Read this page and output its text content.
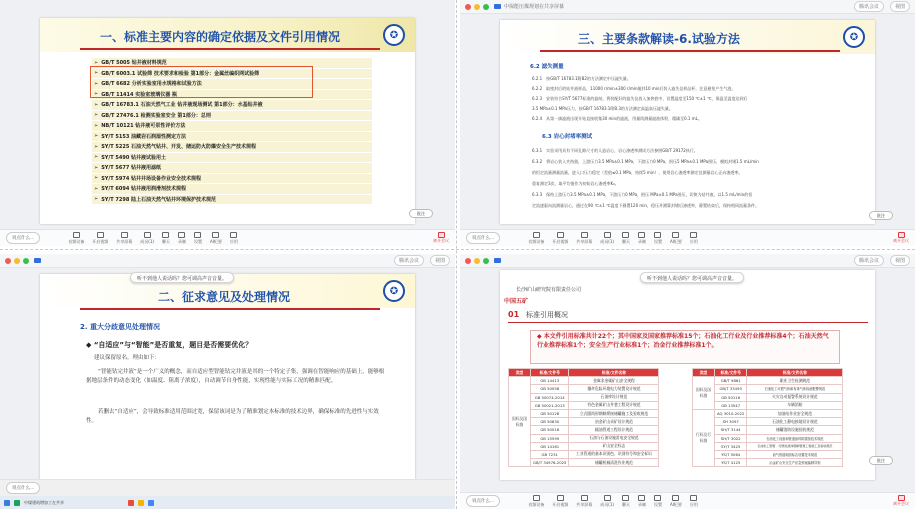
一、标准主要内容的确定依据及文件引用情况	✪
➢ GB/T 5005 钻井液材料规范
➢ GB/T 6003.1 试验筛 技术要求和检验 第1部分：金属丝编织网试验筛
➢ GB/T 6682 分析实验室用水规格和试验方法
➢ GB/T 11414 实验室玻璃仪器 瓶
➢ GB/T 16783.1 石油天然气工业 钻井液现场测试 第1部分：水基钻井液
➢ GB/T 27476.1 检测实验室安全 第1部分：总则
➢ NB/T 10121 钻井液可泵性评价方法
➢ SY/T 5153 油藏岩石润湿性测定方法
➢ SY/T 5225 石油天然气钻井、开发、储运防火防爆安全生产技术规程
➢ SY/T 5490 钻井液试验用土
➢ SY/T 5677 钻井液用滤纸
➢ SY/T 5974 钻井井场设备作业安全技术规程
➢ SY/T 6094 钻井液用润滑剂技术规程
➢ SY/T 7298 陆上石油天然气钻井环境保护技术规范
批注
说点什么...	音频设备 开启视频 共享屏幕 成员(1) 聊天 录制 设置 AI纪要 应用	离开会议
中保能压煤规划在共享屏幕	腾讯会议	视图
三、主要条款解读-6.试验方法	✪
6.2 滤失测量
6.2.1　按GB/T 16783.1附B2的方法测定中压滤失量。
6.2.2　取密封后的钻井液样品，11000 r/min±300 r/min搅拌10 min后装入滤失仪样品杯，注意避免产生气泡。
6.2.3　安装符合SY/T 5677标准的滤纸，将装配好的滤失仪放入加热套中，设置温度至150 ℃±1 ℃，保温至温度达到后
3.5 MPa±0.1 MPa压力，按GB/T 16783.1附B.3的方法测定高温高压滤失量。
6.2.4　从第一滴滤液出现开始直接收集30 min的滤液，用量筒测量滤液体积，精确至0.1 mL。
6.3 岩心封堵率测试
6.3.1　实验采用具有不同孔隙尺寸的人造岩心，岩心渗透率测试方法参照GB/T 29172执行。
6.3.2　将岩心装入夹持器，上游压力3.5 MPa±0.1 MPa，下游压力0 MPa，围压5 MPa±0.1 MPa围压，模拟封堵1.5 mL/min
的恒定流量测量流量，进入口压力稳定（差值≤0.1 MPa，持续5 min），使用岩心渗透率测定仪测量岩心正向渗透率。
重复测定3次，取平均值作为初始岩心渗透率K₀。
6.3.3　保持上游压力3.5 MPa±0.1 MPa，下游压力0 MPa，围压 MPa±0.1 MPa围压，切换为钻井液，以1.5 mL/min的恒
定流速驱向流测量岩心，通过在90 ℃±1 ℃温度下静置120 min，稳压并测算封堵后渗透率，静置结束后，保持相同流量条件。
批注
说点什么...	音频设备 开启视频 共享屏幕 成员(1) 聊天 录制 设置 AI纪要 应用	离开会议
腾讯会议	视图
听不到他人说话吗？您可调高声音音量。
二、征求意见及处理情况	✪
2. 重大分歧意见处理情况
◆ “自适应”与“智能”是否重复，题目是否需要优化？
建议保留原名。理由如下：
“智能钻完井液”是一个广义的概念，而自适应型智能钻完井液是其的一个特定子集，强调在智能响应的基础上，能够根据地层条件的动态变化（如温度、阻离子浓度），自动调节自身性能，实现性能与实际工况的精准匹配。
若删去“自适应”，会导致标准适用范围过宽，保留该词是为了精准划定本标准的技术边界，确保标准的先进性与实效性。
说点什么...
中煤建筑增加工在共享
腾讯会议	视图
听不到他人说话吗？您可调高声音音量。
长沙矿山研究院有限责任公司
中国五矿
01 标准引用概况
◆ 本文件引用标准共计22个；其中国家及国家推荐标准15个；石油化工行业及行业推荐标准4个；石油天然气行业推荐标准1个；安全生产行业标准1个；冶金行业推荐标准1个。
类型	标准/文件号	标准/文件名称
国标及国标推	GB 14413	金属非金属矿山安全规程
	GB 50058	爆炸危险环境电力装置设计规范
	GB 50074-2014	石油库设计规范
	GB 50021-2013	有色金属矿山井巷工程设计规范
	GB 50128	立式圆筒形钢制焊接储罐施工及验收规范
	GB 50830	冶金矿山采矿设计规范
	GB 50016	输油管道工程设计规范
	GB 15599	石油与石油设施雷电安全规范
	GB 14161	矿山安全标志
	GB 7231	工业管道的基本识别色、识别符号和安全标识
	GB/T 34976-2025	储罐机械清洗作业规范
类型	标准/文件号	标准/文件名称
国标及国标推	GB/T 9861	职业卫生检测规范
	GB/T 33493	石油化工可燃气体和有毒气体检测报警规范
	GB 50116	火灾自动报警系统设计规范
	GB 13547	车辆消防
行标及行标推	AQ 3010-2022	加油站作业安全规范
	SH 3097	石油化工静电接地设计规范
	SH/T 3144	储罐消防设施验收规范
	SH/T 3022	石油化工设备和管道涂料防腐蚀技术规范
	SY/T 3425	石油化工钢管、可燃性液体钢制管道工程施工及验收规范
	YS/T 5064	油气管道地面标志设置技术规范
	YS/T 4125	冶金矿山安全生产应急预案编制导则
批注
说点什么...	音频设备 开启视频 共享屏幕 成员(1) 聊天 录制 设置 AI纪要 应用	离开会议
